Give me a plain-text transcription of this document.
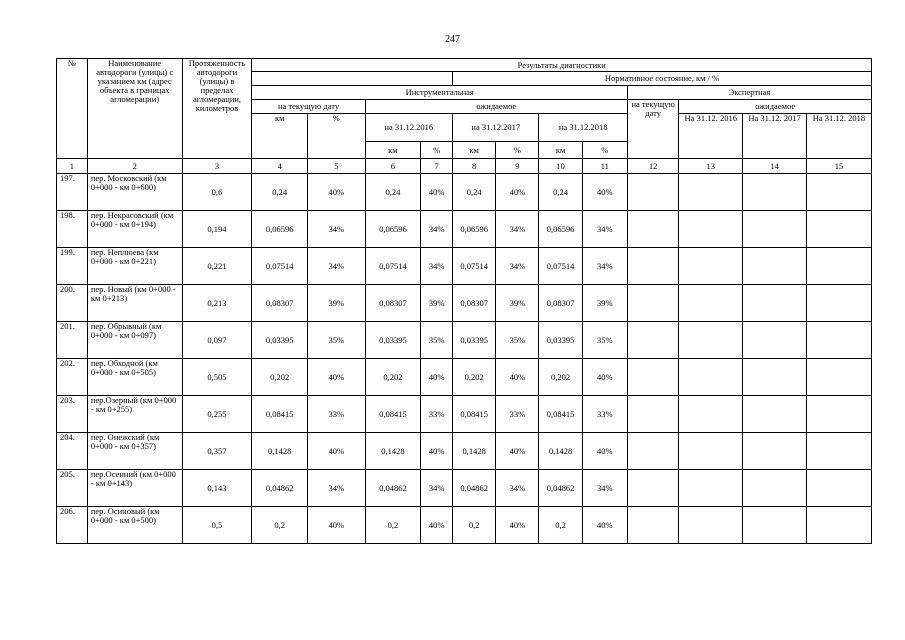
247
№	Наименование автодороги (улицы) с указанием км (адрес объекта в границах агломерации)	Протяженность автодороги (улицы) в пределах агломерации, километров	Результаты диагностики											
							Нормативное состояние, км / %							
			Инструментальная								Экспертная			
			на текущую дату		ожидаемое						на текущую дату	ожидаемое		
			км	%	на 31.12.2016		на 31.12.2017		на 31.12.2018			На 31.12. 2016	На 31.12. 2017	На 31.12. 2018
					км	%	км	%	км	%				
1	2	3	4	5	6	7	8	9	10	11	12	13	14	15
197.	пер. Московский (км 0+000 - км 0+600)	0,6	0,24	40%	0,24	40%	0,24	40%	0,24	40%				
198.	пер. Некрасовский (км 0+000 - км 0+194)	0,194	0,06596	34%	0,06596	34%	0,06596	34%	0,06596	34%				
199.	пер. Неплюева (км 0+000 - км 0+221)	0,221	0,07514	34%	0,07514	34%	0,07514	34%	0,07514	34%				
200.	пер. Новый (км 0+000 - км 0+213)	0,213	0,08307	39%	0,08307	39%	0,08307	39%	0,08307	39%				
201.	пер. Обрывный (км 0+000 - км 0+097)	0,097	0,03395	35%	0,03395	35%	0,03395	35%	0,03395	35%				
202.	пер. Обходной (км 0+000 - км 0+505)	0,505	0,202	40%	0,202	40%	0,202	40%	0,202	40%				
203.	пер.Озерный (км 0+000 - км 0+255)	0,255	0,08415	33%	0,08415	33%	0,08415	33%	0,08415	33%				
204.	пер. Онежский (км 0+000 - км 0+357)	0,357	0,1428	40%	0,1428	40%	0,1428	40%	0,1428	40%				
205.	пер.Осенний (км 0+000 - км 0+143)	0,143	0,04862	34%	0,04862	34%	0,04862	34%	0,04862	34%				
206.	пер. Осиновый (км 0+000 - км 0+500)	0,5	0,2	40%	0,2	40%	0,2	40%	0,2	40%				
